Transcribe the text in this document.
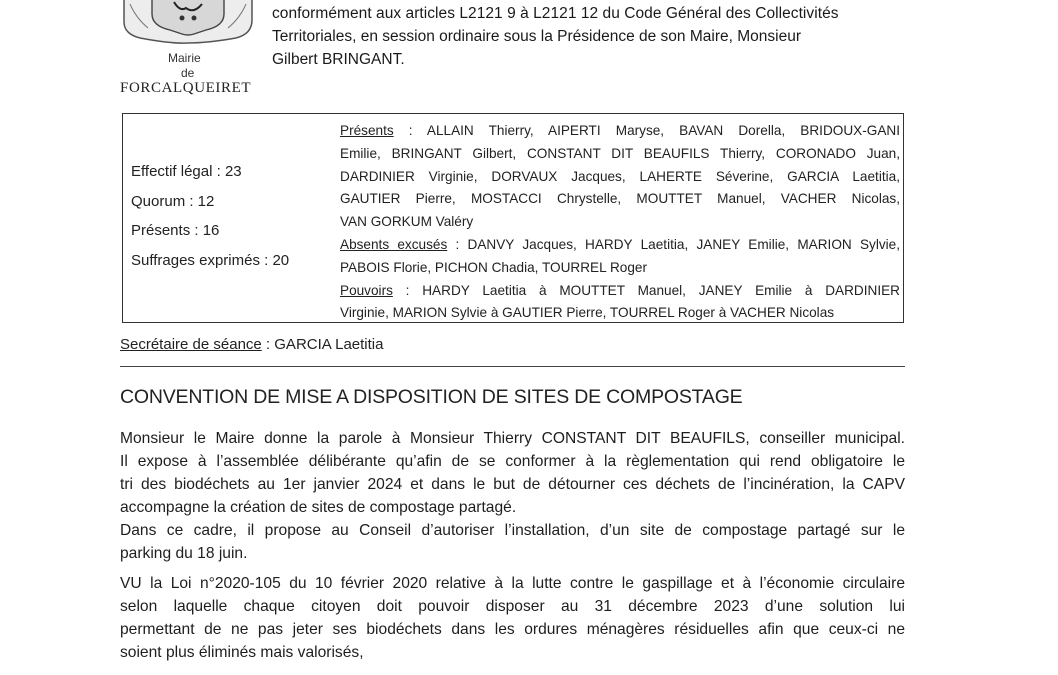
Mairie
de
FORCALQUEIRET
conformément aux articles L2121 9 à L2121 12 du Code Général des Collectivités
Territoriales, en session ordinaire sous la Présidence de son Maire, Monsieur
Gilbert BRINGANT.
Effectif légal : 23
Quorum : 12
Présents : 16
Suffrages exprimés : 20
Présents : ALLAIN Thierry, AIPERTI Maryse, BAVAN Dorella, BRIDOUX-GANI
Emilie, BRINGANT Gilbert, CONSTANT DIT BEAUFILS Thierry, CORONADO Juan,
DARDINIER Virginie, DORVAUX Jacques, LAHERTE Séverine, GARCIA Laetitia,
GAUTIER Pierre, MOSTACCI Chrystelle, MOUTTET Manuel, VACHER Nicolas,
VAN GORKUM Valéry
Absents excusés : DANVY Jacques, HARDY Laetitia, JANEY Emilie, MARION Sylvie,
PABOIS Florie, PICHON Chadia, TOURREL Roger
Pouvoirs : HARDY Laetitia à MOUTTET Manuel, JANEY Emilie à DARDINIER
Virginie, MARION Sylvie à GAUTIER Pierre, TOURREL Roger à VACHER Nicolas
Secrétaire de séance : GARCIA Laetitia
CONVENTION DE MISE A DISPOSITION DE SITES DE COMPOSTAGE
Monsieur le Maire donne la parole à Monsieur Thierry CONSTANT DIT BEAUFILS, conseiller municipal.
Il expose à l’assemblée délibérante qu’afin de se conformer à la règlementation qui rend obligatoire le
tri des biodéchets au 1er janvier 2024 et dans le but de détourner ces déchets de l’incinération, la CAPV
accompagne la création de sites de compostage partagé.
Dans ce cadre, il propose au Conseil d’autoriser l’installation, d’un site de compostage partagé sur le
parking du 18 juin.
VU la Loi n°2020-105 du 10 février 2020 relative à la lutte contre le gaspillage et à l’économie circulaire
selon laquelle chaque citoyen doit pouvoir disposer au 31 décembre 2023 d’une solution lui
permettant de ne pas jeter ses biodéchets dans les ordures ménagères résiduelles afin que ceux-ci ne
soient plus éliminés mais valorisés,
